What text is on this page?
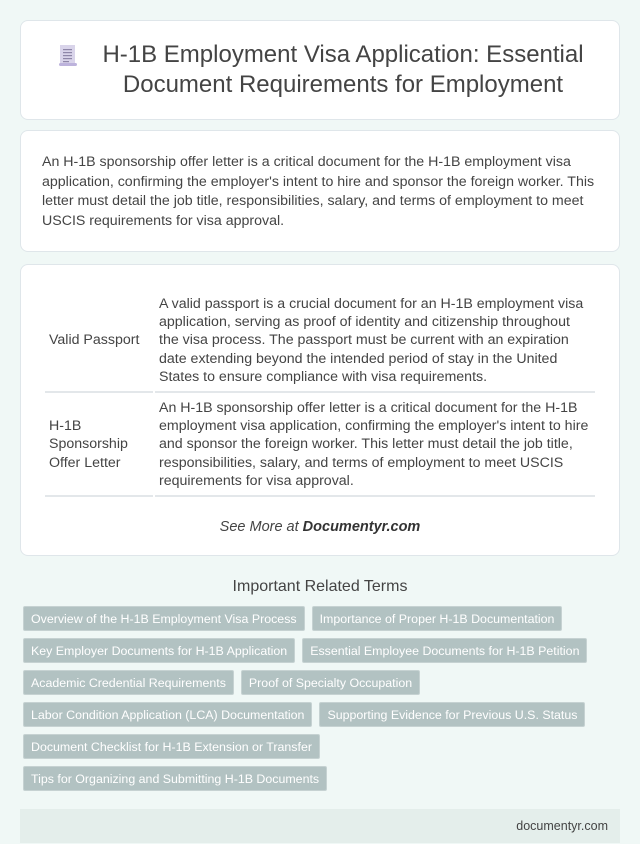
H-1B Employment Visa Application: Essential Document Requirements for Employment

An H-1B sponsorship offer letter is a critical document for the H-1B employment visa application, confirming the employer's intent to hire and sponsor the foreign worker. This letter must detail the job title, responsibilities, salary, and terms of employment to meet USCIS requirements for visa approval.

Valid Passport	A valid passport is a crucial document for an H-1B employment visa application, serving as proof of identity and citizenship throughout the visa process. The passport must be current with an expiration date extending beyond the intended period of stay in the United States to ensure compliance with visa requirements.
H-1B Sponsorship Offer Letter	An H-1B sponsorship offer letter is a critical document for the H-1B employment visa application, confirming the employer's intent to hire and sponsor the foreign worker. This letter must detail the job title, responsibilities, salary, and terms of employment to meet USCIS requirements for visa approval.
See More at Documentyr.com
Important Related Terms
Overview of the H-1B Employment Visa Process	Importance of Proper H-1B Documentation
Key Employer Documents for H-1B Application	Essential Employee Documents for H-1B Petition
Academic Credential Requirements	Proof of Specialty Occupation
Labor Condition Application (LCA) Documentation	Supporting Evidence for Previous U.S. Status
Document Checklist for H-1B Extension or Transfer
Tips for Organizing and Submitting H-1B Documents
documentyr.com
